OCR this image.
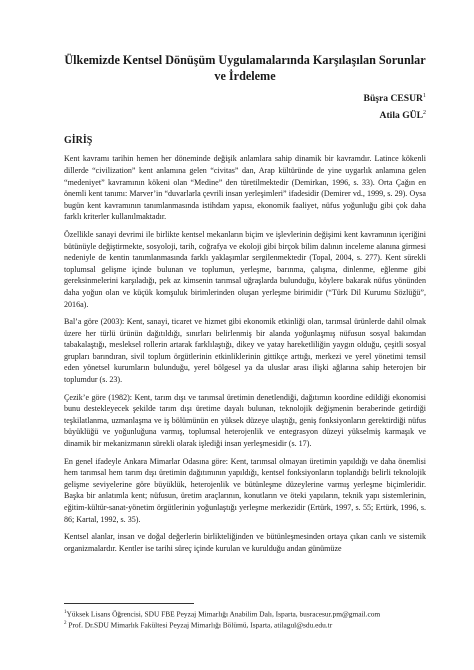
Ülkemizde Kentsel Dönüşüm Uygulamalarında Karşılaşılan Sorunlar
ve İrdeleme
Büşra CESUR$^1$
Atila GÜL$^2$
GİRİŞ

Kent kavramı tarihin hemen her döneminde değişik anlamlara sahip dinamik bir kavramdır. Latince kökenli dillerde “civilization” kent anlamına gelen “civitas” dan, Arap kültüründe de yine uygarlık anlamına gelen “medeniyet” kavramının kökeni olan “Medine” den türetilmektedir (Demirkan, 1996, s. 33). Orta Çağın en önemli kent tanımı: Marver’in “duvarlarla çevrili insan yerleşimleri” ifadesidir (Demirer vd., 1999, s. 29). Oysa bugün kent kavramının tanımlanmasında istihdam yapısı, ekonomik faaliyet, nüfus yoğunluğu gibi çok daha farklı kriterler kullanılmaktadır.

Özellikle sanayi devrimi ile birlikte kentsel mekanların biçim ve işlevlerinin değişimi kent kavramının içeriğini bütünüyle değiştirmekte, sosyoloji, tarih, coğrafya ve ekoloji gibi birçok bilim dalının inceleme alanına girmesi nedeniyle de kentin tanımlanmasında farklı yaklaşımlar sergilenmektedir (Topal, 2004, s. 277). Kent sürekli toplumsal gelişme içinde bulunan ve toplumun, yerleşme, barınma, çalışma, dinlenme, eğlenme gibi gereksinmelerini karşıladığı, pek az kimsenin tarımsal uğraşlarda bulunduğu, köylere bakarak nüfus yönünden daha yoğun olan ve küçük komşuluk birimlerinden oluşan yerleşme birimidir (“Türk Dil Kurumu Sözlüğü”, 2016a).

Bal’a göre (2003): Kent, sanayi, ticaret ve hizmet gibi ekonomik etkinliği olan, tarımsal ürünlerde dahil olmak üzere her türlü ürünün dağıtıldığı, sınırları belirlenmiş bir alanda yoğunlaşmış nüfusun sosyal bakımdan tabakalaştığı, mesleksel rollerin artarak farklılaştığı, dikey ve yatay hareketliliğin yaygın olduğu, çeşitli sosyal grupları barındıran, sivil toplum örgütlerinin etkinliklerinin gittikçe arttığı, merkezi ve yerel yönetimi temsil eden yönetsel kurumların bulunduğu, yerel bölgesel ya da uluslar arası ilişki ağlarına sahip heterojen bir toplumdur (s. 23).

Çezik’e göre (1982): Kent, tarım dışı ve tarımsal üretimin denetlendiği, dağıtımın koordine edildiği ekonomisi bunu destekleyecek şekilde tarım dışı üretime dayalı bulunan, teknolojik değişmenin beraberinde getirdiği teşkilatlanma, uzmanlaşma ve iş bölümünün en yüksek düzeye ulaştığı, geniş fonksiyonların gerektirdiği nüfus büyüklüğü ve yoğunluğuna varmış, toplumsal heterojenlik ve entegrasyon düzeyi yükselmiş karmaşık ve dinamik bir mekanizmanın sürekli olarak işlediği insan yerleşmesidir (s. 17).

En genel ifadeyle Ankara Mimarlar Odasına göre: Kent, tarımsal olmayan üretimin yapıldığı ve daha önemlisi hem tarımsal hem tarım dışı üretimin dağıtımının yapıldığı, kentsel fonksiyonların toplandığı belirli teknolojik gelişme seviyelerine göre büyüklük, heterojenlik ve bütünleşme düzeylerine varmış yerleşme biçimleridir. Başka bir anlatımla kent; nüfusun, üretim araçlarının, konutların ve öteki yapıların, teknik yapı sistemlerinin, eğitim-kültür-sanat-yönetim örgütlerinin yoğunlaştığı yerleşme merkezidir (Ertürk, 1997, s. 55; Ertürk, 1996, s. 86; Kartal, 1992, s. 35).

Kentsel alanlar, insan ve doğal değerlerin birlikteliğinden ve bütünleşmesinden ortaya çıkan canlı ve sistemik organizmalardır. Kentler ise tarihi süreç içinde kurulan ve kurulduğu andan günümüze

$^1$Yüksek Lisans Öğrencisi, SDU FBE Peyzaj Mimarlığı Anabilim Dalı, Isparta, busracesur.pm@gmail.com
$^2$ Prof. Dr.SDU Mimarlık Fakültesi Peyzaj Mimarlığı Bölümü, Isparta, atilagul@sdu.edu.tr
